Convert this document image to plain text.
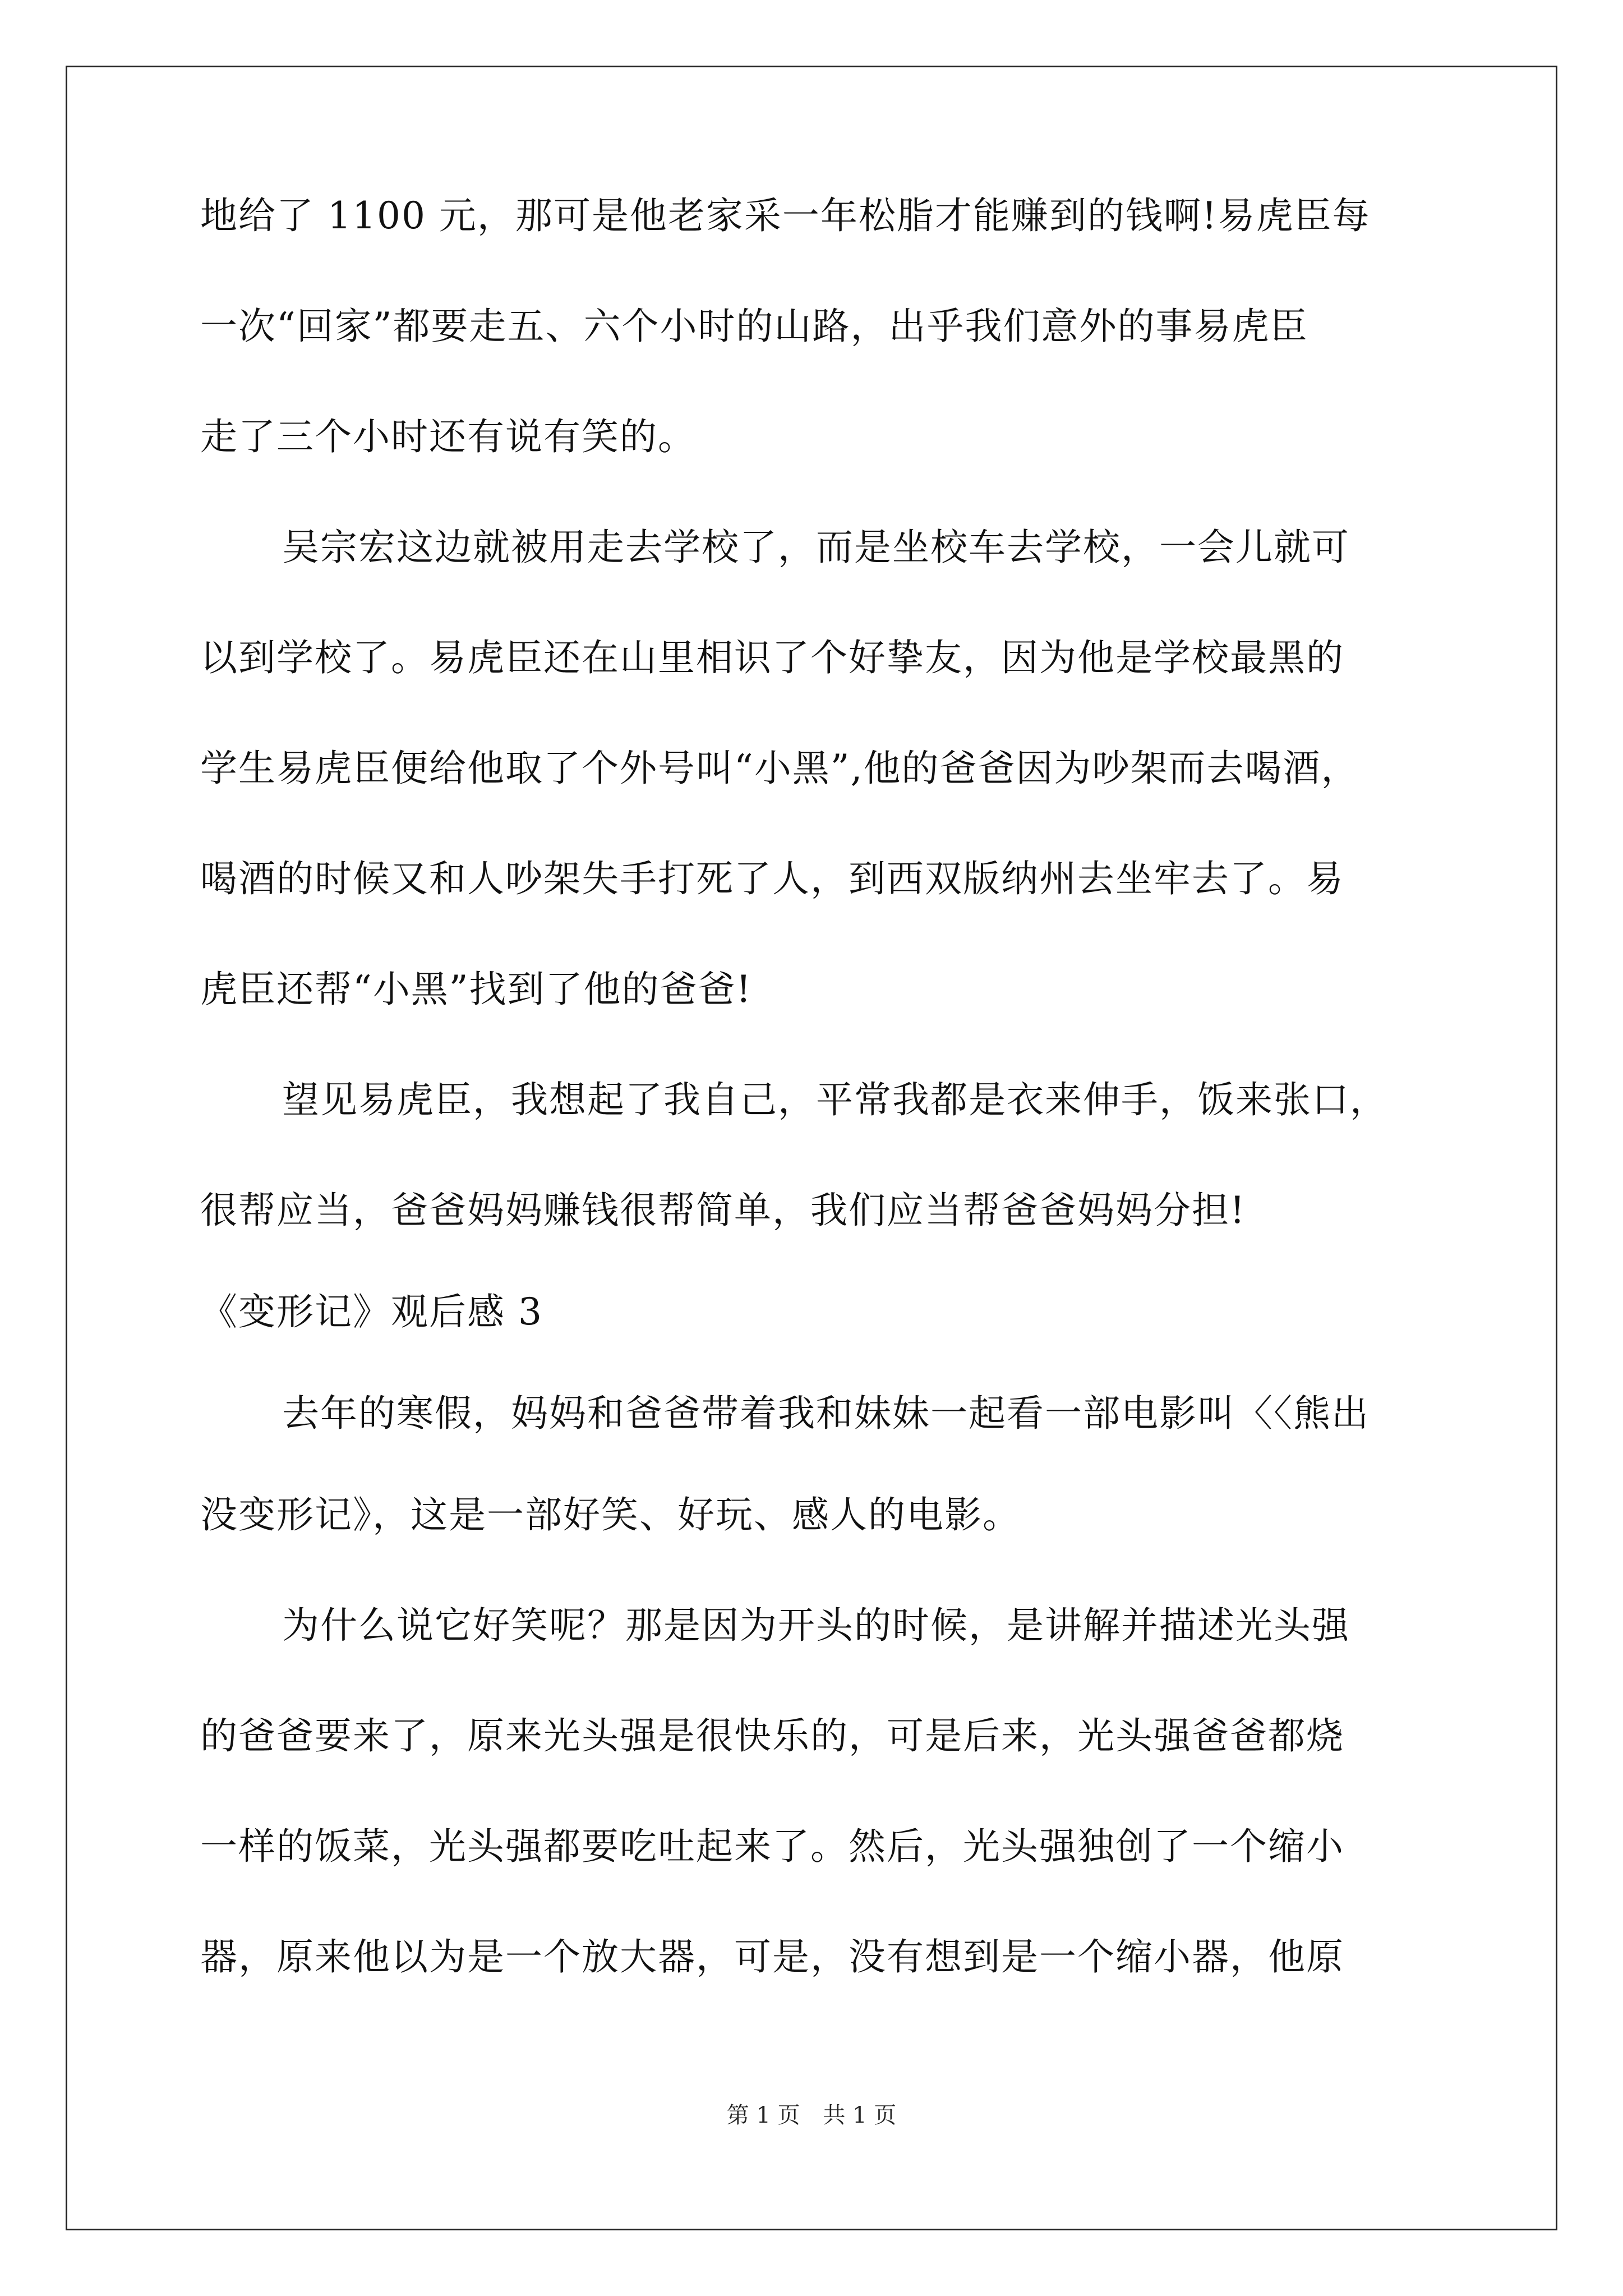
地给了 1100 元，那可是他老家采一年松脂才能赚到的钱啊!易虎臣每
一次“回家”都要走五、六个小时的山路，出乎我们意外的事易虎臣
走了三个小时还有说有笑的。
吴宗宏这边就被用走去学校了，而是坐校车去学校，一会儿就可
以到学校了。易虎臣还在山里相识了个好挚友，因为他是学校最黑的
学生易虎臣便给他取了个外号叫“小黑”,他的爸爸因为吵架而去喝酒，
喝酒的时候又和人吵架失手打死了人，到西双版纳州去坐牢去了。易
虎臣还帮“小黑”找到了他的爸爸!
望见易虎臣，我想起了我自己，平常我都是衣来伸手，饭来张口，
很帮应当，爸爸妈妈赚钱很帮简单，我们应当帮爸爸妈妈分担!
《变形记》观后感 3
去年的寒假，妈妈和爸爸带着我和妹妹一起看一部电影叫〈〈熊出
没变形记》，这是一部好笑、好玩、感人的电影。
为什么说它好笑呢？那是因为开头的时候，是讲解并描述光头强
的爸爸要来了，原来光头强是很快乐的，可是后来，光头强爸爸都烧
一样的饭菜，光头强都要吃吐起来了。然后，光头强独创了一个缩小
器，原来他以为是一个放大器，可是，没有想到是一个缩小器，他原
第 1 页 共 1 页
